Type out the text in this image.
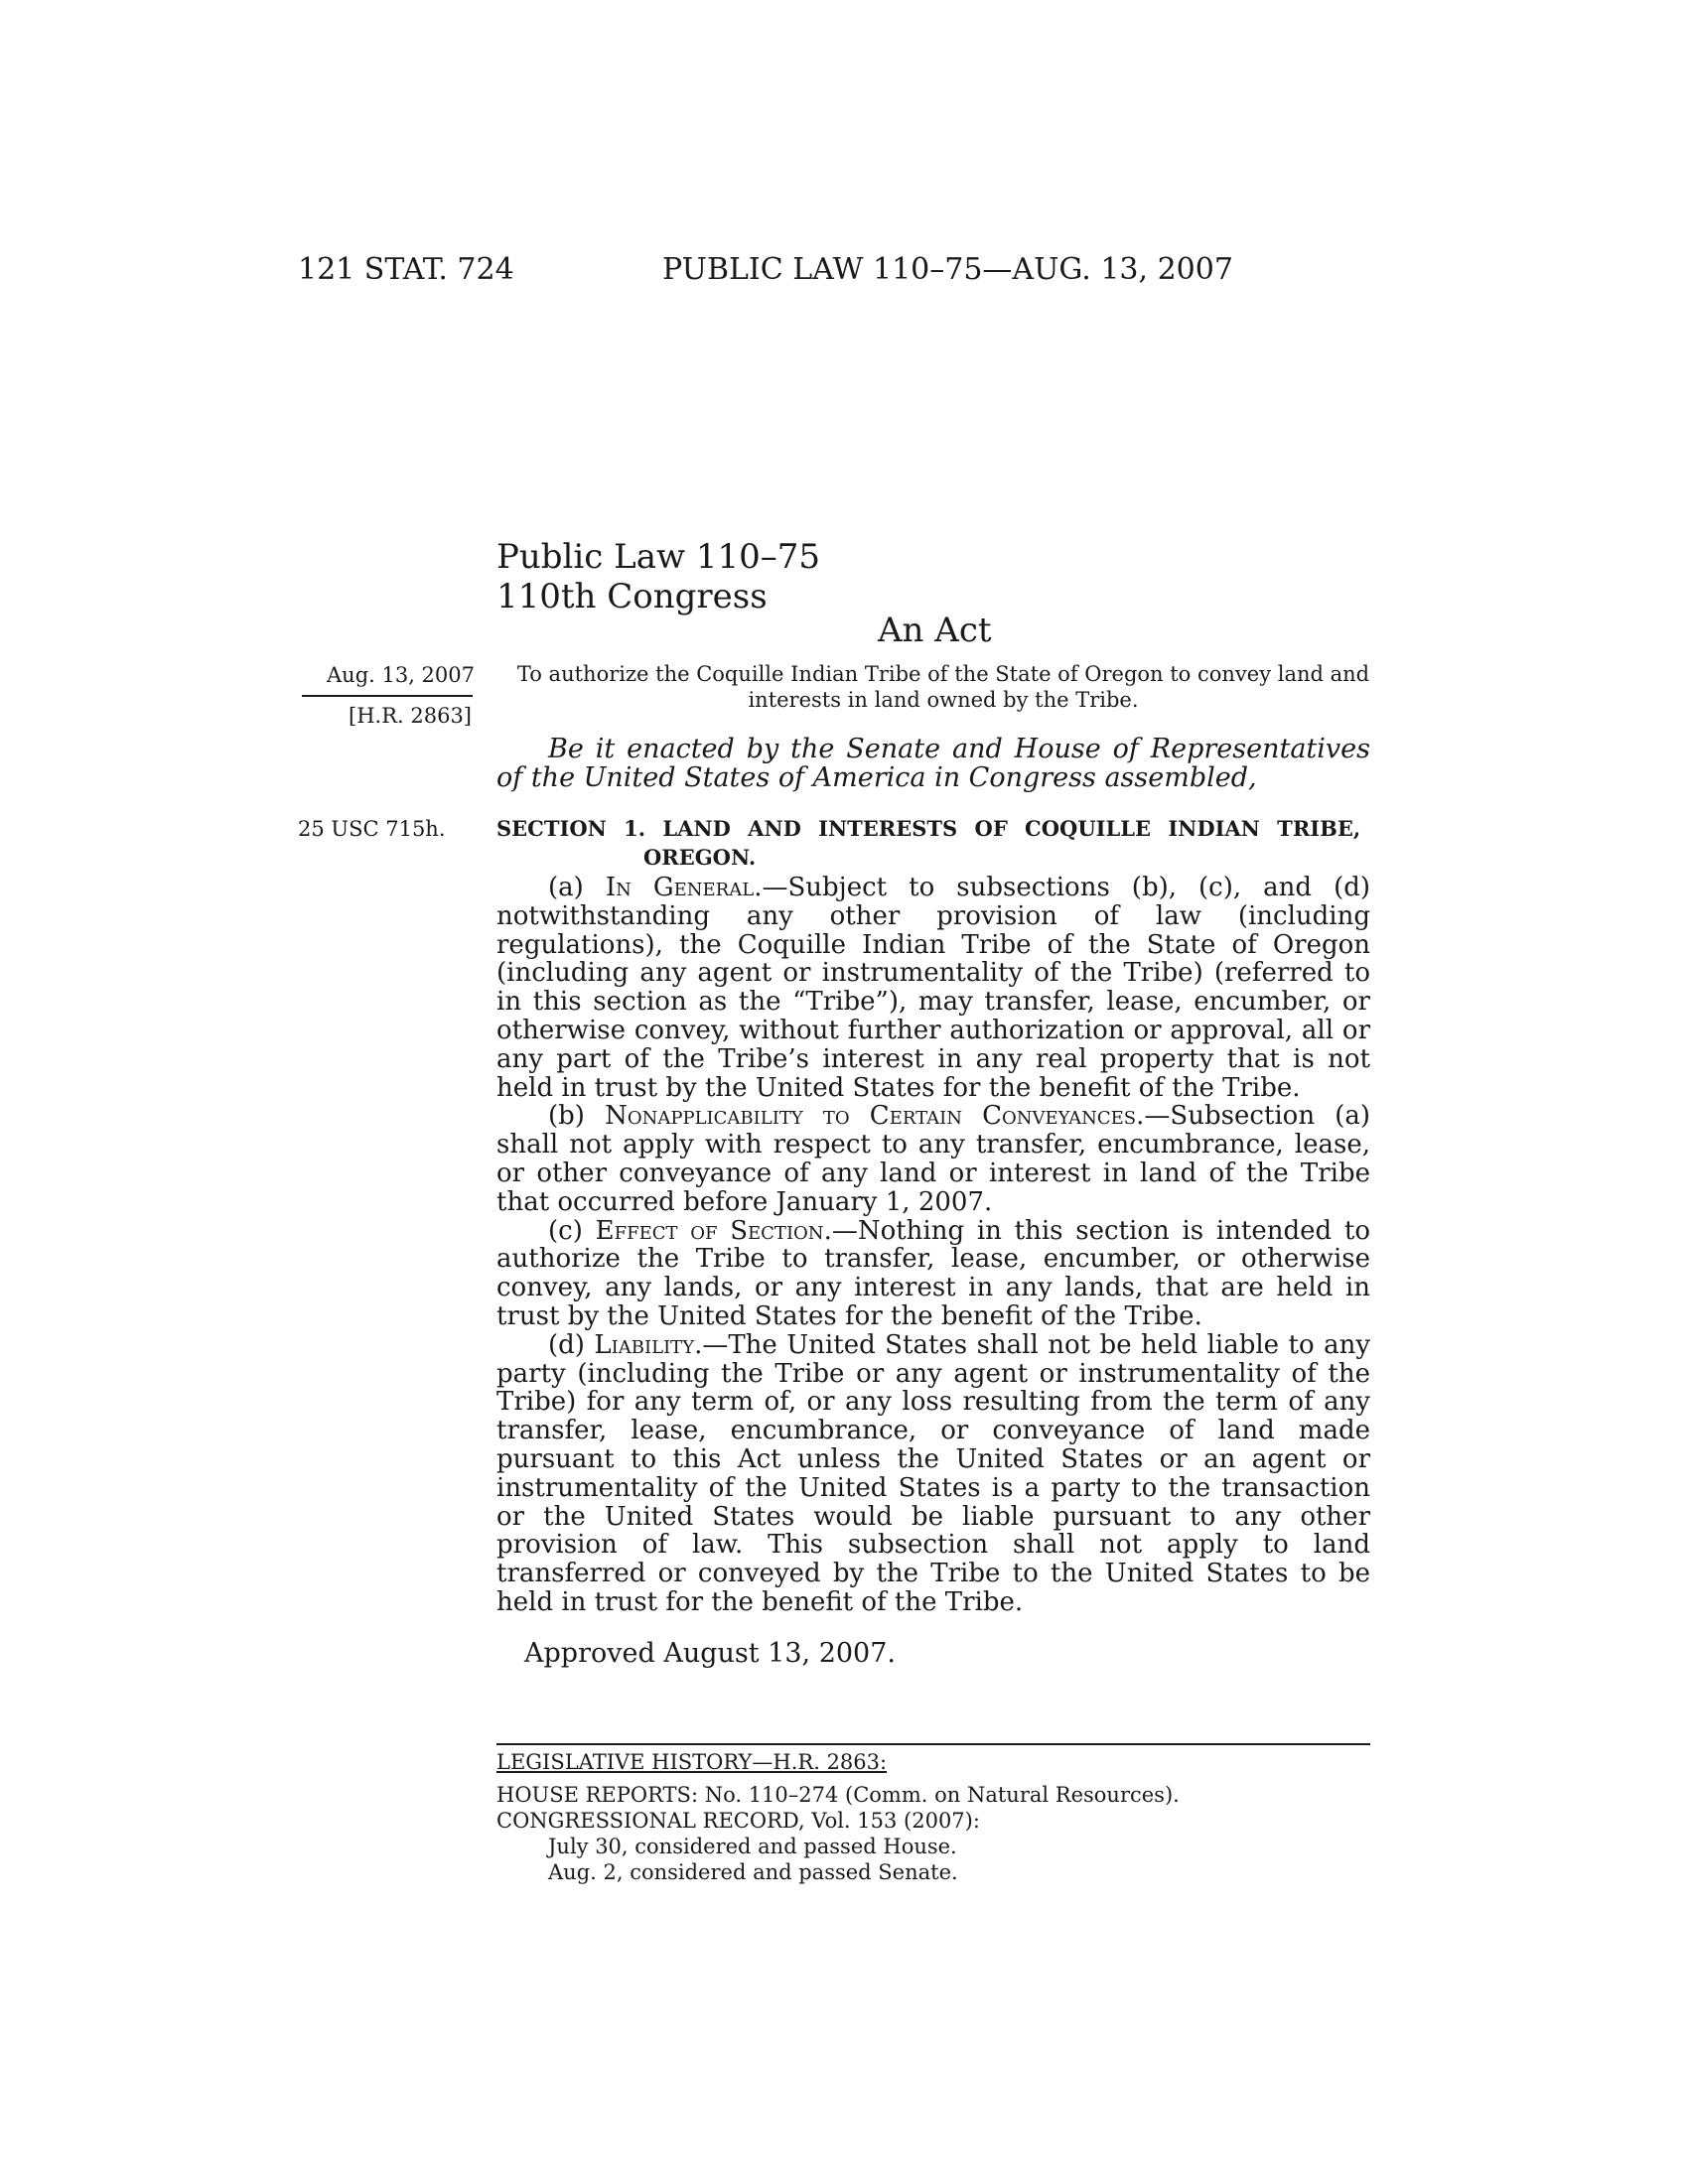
121 STAT. 724	PUBLIC LAW 110–75—AUG. 13, 2007
Public Law 110–75
110th Congress
An Act
Aug. 13, 2007
[H.R. 2863]
25 USC 715h.
To authorize the Coquille Indian Tribe of the State of Oregon to convey land and interests in land owned by the Tribe.
Be it enacted by the Senate and House of Representatives of the United States of America in Congress assembled,
SECTION 1. LAND AND INTERESTS OF COQUILLE INDIAN TRIBE,
OREGON.

(a) In General.—Subject to subsections (b), (c), and (d) notwithstanding any other provision of law (including regulations), the Coquille Indian Tribe of the State of Oregon (including any agent or instrumentality of the Tribe) (referred to in this section as the “Tribe”), may transfer, lease, encumber, or otherwise convey, without further authorization or approval, all or any part of the Tribe’s interest in any real property that is not held in trust by the United States for the benefit of the Tribe.

(b) Nonapplicability to Certain Conveyances.—Subsection (a) shall not apply with respect to any transfer, encumbrance, lease, or other conveyance of any land or interest in land of the Tribe that occurred before January 1, 2007.

(c) Effect of Section.—Nothing in this section is intended to authorize the Tribe to transfer, lease, encumber, or otherwise convey, any lands, or any interest in any lands, that are held in trust by the United States for the benefit of the Tribe.

(d) Liability.—The United States shall not be held liable to any party (including the Tribe or any agent or instrumentality of the Tribe) for any term of, or any loss resulting from the term of any transfer, lease, encumbrance, or conveyance of land made pursuant to this Act unless the United States or an agent or instrumentality of the United States is a party to the transaction or the United States would be liable pursuant to any other provision of law. This subsection shall not apply to land transferred or conveyed by the Tribe to the United States to be held in trust for the benefit of the Tribe.

Approved August 13, 2007.
LEGISLATIVE HISTORY—H.R. 2863:
HOUSE REPORTS: No. 110–274 (Comm. on Natural Resources).
CONGRESSIONAL RECORD, Vol. 153 (2007):
July 30, considered and passed House.
Aug. 2, considered and passed Senate.
